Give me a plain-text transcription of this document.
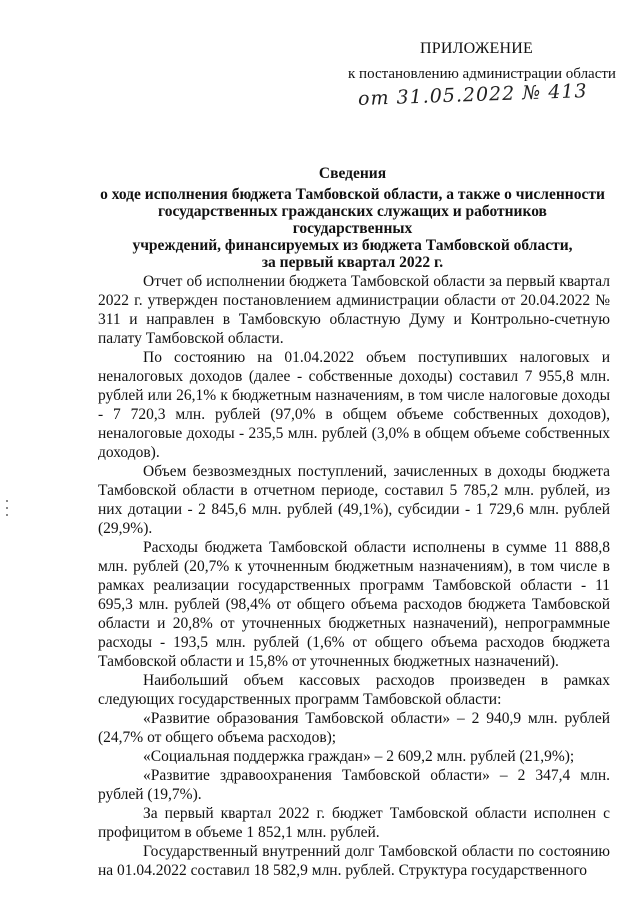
ПРИЛОЖЕНИЕ
к постановлению администрации области
от 31.05.2022 № 413
Сведения
о ходе исполнения бюджета Тамбовской области, а также о численности
государственных гражданских служащих и работников государственных
учреждений, финансируемых из бюджета Тамбовской области,
за первый квартал 2022 г.

Отчет об исполнении бюджета Тамбовской области за первый квартал 2022 г. утвержден постановлением администрации области от 20.04.2022 № 311 и направлен в Тамбовскую областную Думу и Контрольно-счетную палату Тамбовской области.

По состоянию на 01.04.2022 объем поступивших налоговых и неналоговых доходов (далее - собственные доходы) составил 7 955,8 млн. рублей или 26,1% к бюджетным назначениям, в том числе налоговые доходы - 7 720,3 млн. рублей (97,0% в общем объеме собственных доходов), неналоговые доходы - 235,5 млн. рублей (3,0% в общем объеме собственных доходов).

Объем безвозмездных поступлений, зачисленных в доходы бюджета Тамбовской области в отчетном периоде, составил 5 785,2 млн. рублей, из них дотации - 2 845,6 млн. рублей (49,1%), субсидии - 1 729,6 млн. рублей (29,9%).

Расходы бюджета Тамбовской области исполнены в сумме 11 888,8 млн. рублей (20,7% к уточненным бюджетным назначениям), в том числе в рамках реализации государственных программ Тамбовской области - 11 695,3 млн. рублей (98,4% от общего объема расходов бюджета Тамбовской области и 20,8% от уточненных бюджетных назначений), непрограммные расходы - 193,5 млн. рублей (1,6% от общего объема расходов бюджета Тамбовской области и 15,8% от уточненных бюджетных назначений).

Наибольший объем кассовых расходов произведен в рамках следующих государственных программ Тамбовской области:

«Развитие образования Тамбовской области» – 2 940,9 млн. рублей (24,7% от общего объема расходов);

«Социальная поддержка граждан» – 2 609,2 млн. рублей (21,9%);

«Развитие здравоохранения Тамбовской области» – 2 347,4 млн. рублей (19,7%).

За первый квартал 2022 г. бюджет Тамбовской области исполнен с профицитом в объеме 1 852,1 млн. рублей.

Государственный внутренний долг Тамбовской области по состоянию на 01.04.2022 составил 18 582,9 млн. рублей. Структура государственного
